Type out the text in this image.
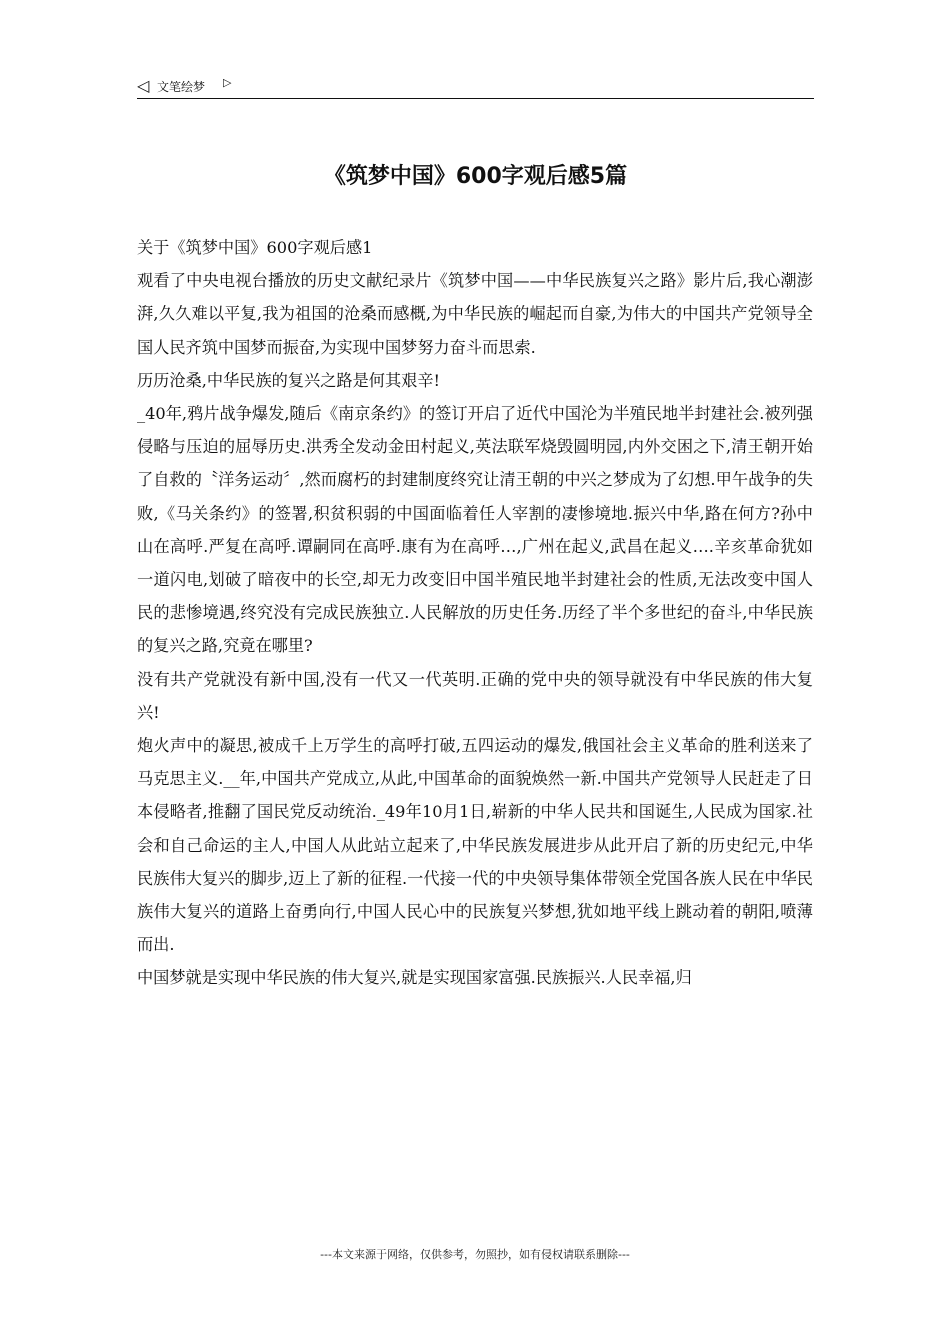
◁ 文笔绘梦 ▷
《筑梦中国》600字观后感5篇

关于《筑梦中国》600字观后感1

观看了中央电视台播放的历史文献纪录片《筑梦中国——中华民族复兴之路》影片后,我心潮澎湃,久久难以平复,我为祖国的沧桑而感概,为中华民族的崛起而自豪,为伟大的中国共产党领导全国人民齐筑中国梦而振奋,为实现中国梦努力奋斗而思索.

历历沧桑,中华民族的复兴之路是何其艰辛!

_40年,鸦片战争爆发,随后《南京条约》的签订开启了近代中国沦为半殖民地半封建社会.被列强侵略与压迫的屈辱历史.洪秀全发动金田村起义,英法联军烧毁圆明园,内外交困之下,清王朝开始了自救的〝洋务运动〞,然而腐朽的封建制度终究让清王朝的中兴之梦成为了幻想.甲午战争的失败,《马关条约》的签署,积贫积弱的中国面临着任人宰割的凄惨境地.振兴中华,路在何方?孙中山在高呼.严复在高呼.谭嗣同在高呼.康有为在高呼…,广州在起义,武昌在起义….辛亥革命犹如一道闪电,划破了暗夜中的长空,却无力改变旧中国半殖民地半封建社会的性质,无法改变中国人民的悲惨境遇,终究没有完成民族独立.人民解放的历史任务.历经了半个多世纪的奋斗,中华民族的复兴之路,究竟在哪里?

没有共产党就没有新中国,没有一代又一代英明.正确的党中央的领导就没有中华民族的伟大复兴!

炮火声中的凝思,被成千上万学生的高呼打破,五四运动的爆发,俄国社会主义革命的胜利送来了马克思主义.__年,中国共产党成立,从此,中国革命的面貌焕然一新.中国共产党领导人民赶走了日本侵略者,推翻了国民党反动统治._49年10月1日,崭新的中华人民共和国诞生,人民成为国家.社会和自己命运的主人,中国人从此站立起来了,中华民族发展进步从此开启了新的历史纪元,中华民族伟大复兴的脚步,迈上了新的征程.一代接一代的中央领导集体带领全党国各族人民在中华民族伟大复兴的道路上奋勇向行,中国人民心中的民族复兴梦想,犹如地平线上跳动着的朝阳,喷薄而出.

中国梦就是实现中华民族的伟大复兴,就是实现国家富强.民族振兴.人民幸福,归

---本文来源于网络，仅供参考，勿照抄，如有侵权请联系删除---
